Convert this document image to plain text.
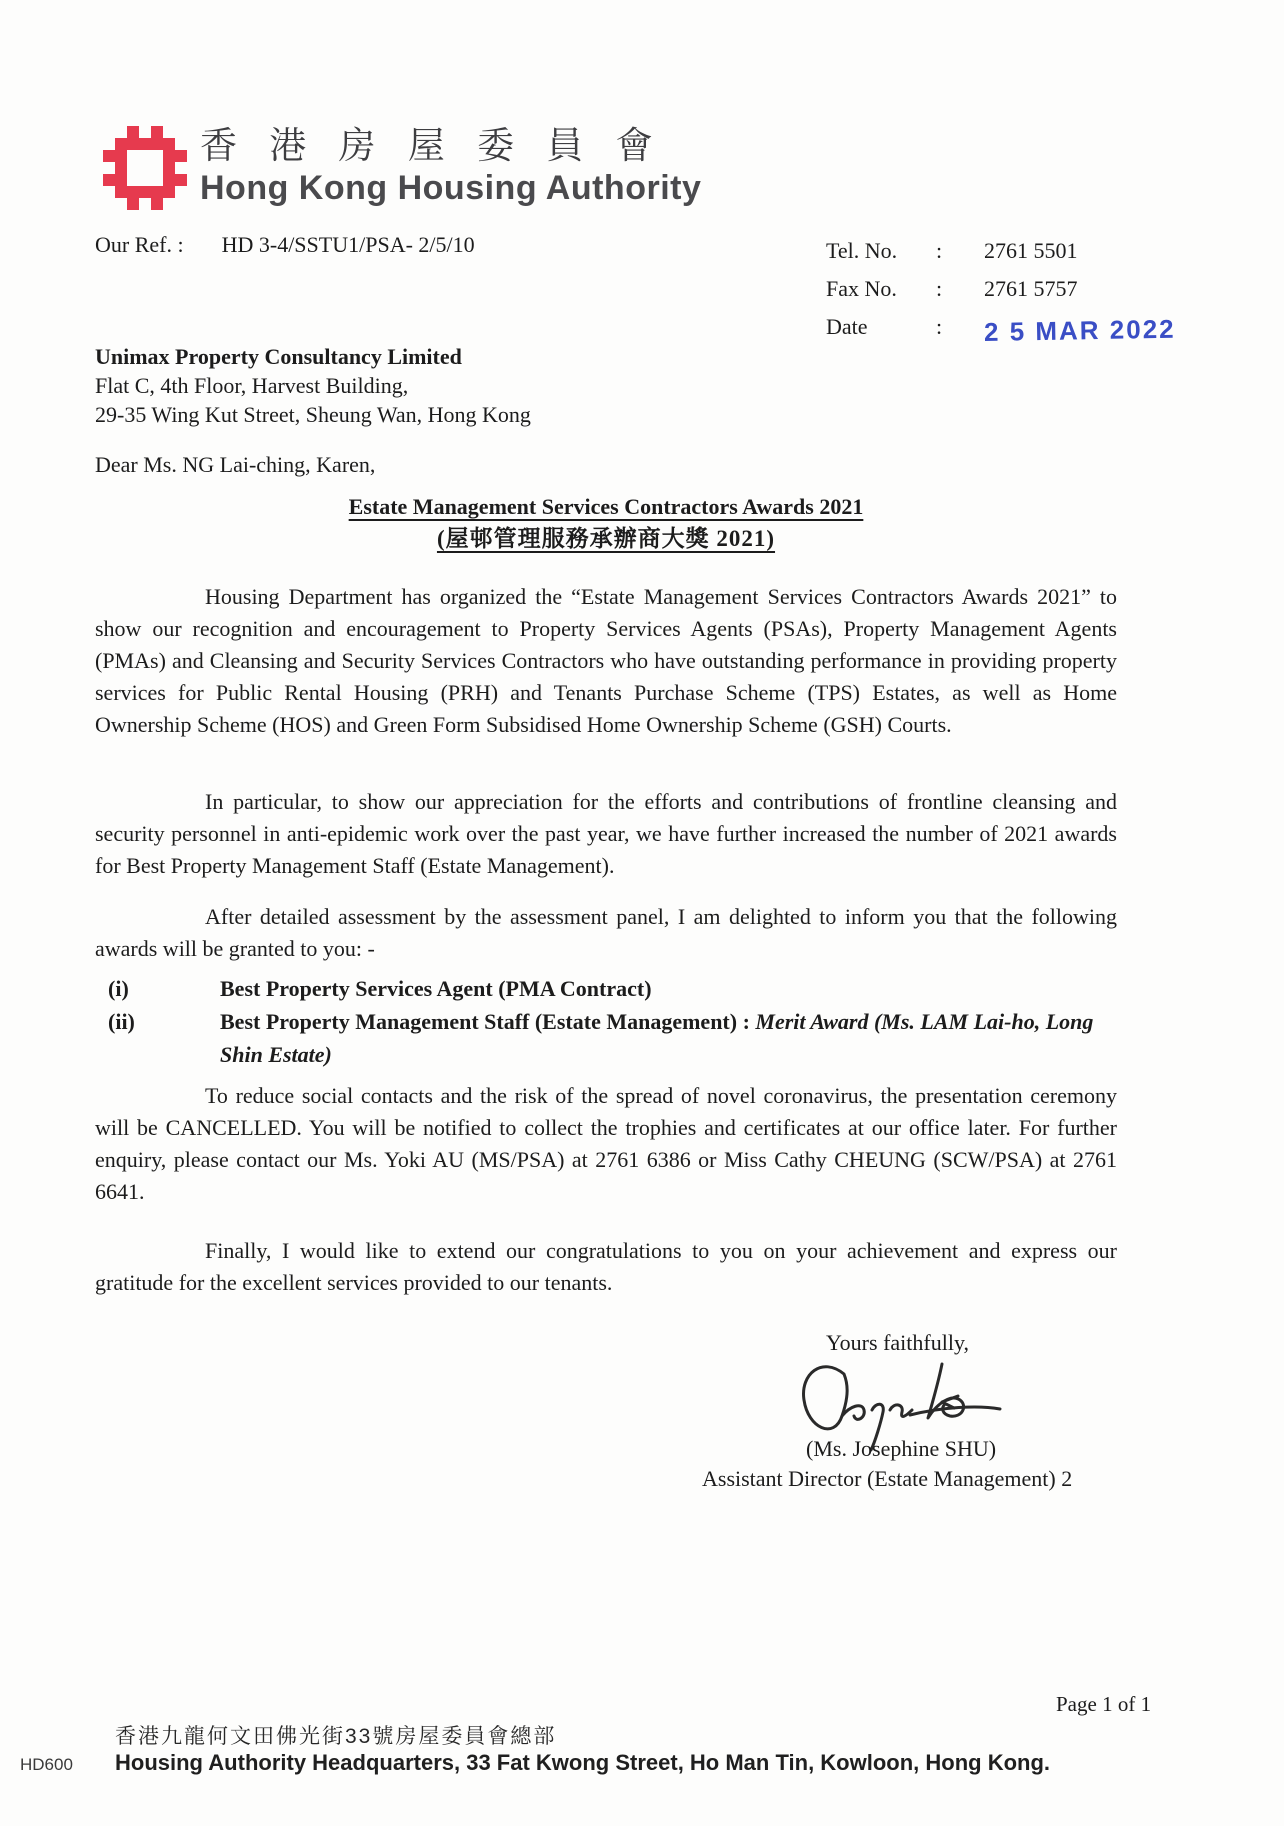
香 港 房 屋 委 員 會
Hong Kong Housing Authority
Our Ref. : HD 3-4/SSTU1/PSA- 2/5/10	Tel. No.	:	2761 5501
Fax No.	:	2761 5757
Date	:	2 5 MAR 2022
Unimax Property Consultancy Limited
Flat C, 4th Floor, Harvest Building,
29-35 Wing Kut Street, Sheung Wan, Hong Kong
Dear Ms. NG Lai-ching, Karen,
Estate Management Services Contractors Awards 2021
(屋邨管理服務承辦商大獎 2021)
Housing Department has organized the “Estate Management Services Contractors Awards 2021” to show our recognition and encouragement to Property Services Agents (PSAs), Property Management Agents (PMAs) and Cleansing and Security Services Contractors who have outstanding performance in providing property services for Public Rental Housing (PRH) and Tenants Purchase Scheme (TPS) Estates, as well as Home Ownership Scheme (HOS) and Green Form Subsidised Home Ownership Scheme (GSH) Courts.
In particular, to show our appreciation for the efforts and contributions of frontline cleansing and security personnel in anti-epidemic work over the past year, we have further increased the number of 2021 awards for Best Property Management Staff (Estate Management).
After detailed assessment by the assessment panel, I am delighted to inform you that the following awards will be granted to you: -
(i)	Best Property Services Agent (PMA Contract)
(ii)	Best Property Management Staff (Estate Management) : Merit Award (Ms. LAM Lai-ho, Long Shin Estate)
To reduce social contacts and the risk of the spread of novel coronavirus, the presentation ceremony will be CANCELLED. You will be notified to collect the trophies and certificates at our office later. For further enquiry, please contact our Ms. Yoki AU (MS/PSA) at 2761 6386 or Miss Cathy CHEUNG (SCW/PSA) at 2761 6641.
Finally, I would like to extend our congratulations to you on your achievement and express our gratitude for the excellent services provided to our tenants.
Yours faithfully,
(Ms. Josephine SHU)
Assistant Director (Estate Management) 2
Page 1 of 1
香港九龍何文田佛光街33號房屋委員會總部
Housing Authority Headquarters, 33 Fat Kwong Street, Ho Man Tin, Kowloon, Hong Kong.
HD600
